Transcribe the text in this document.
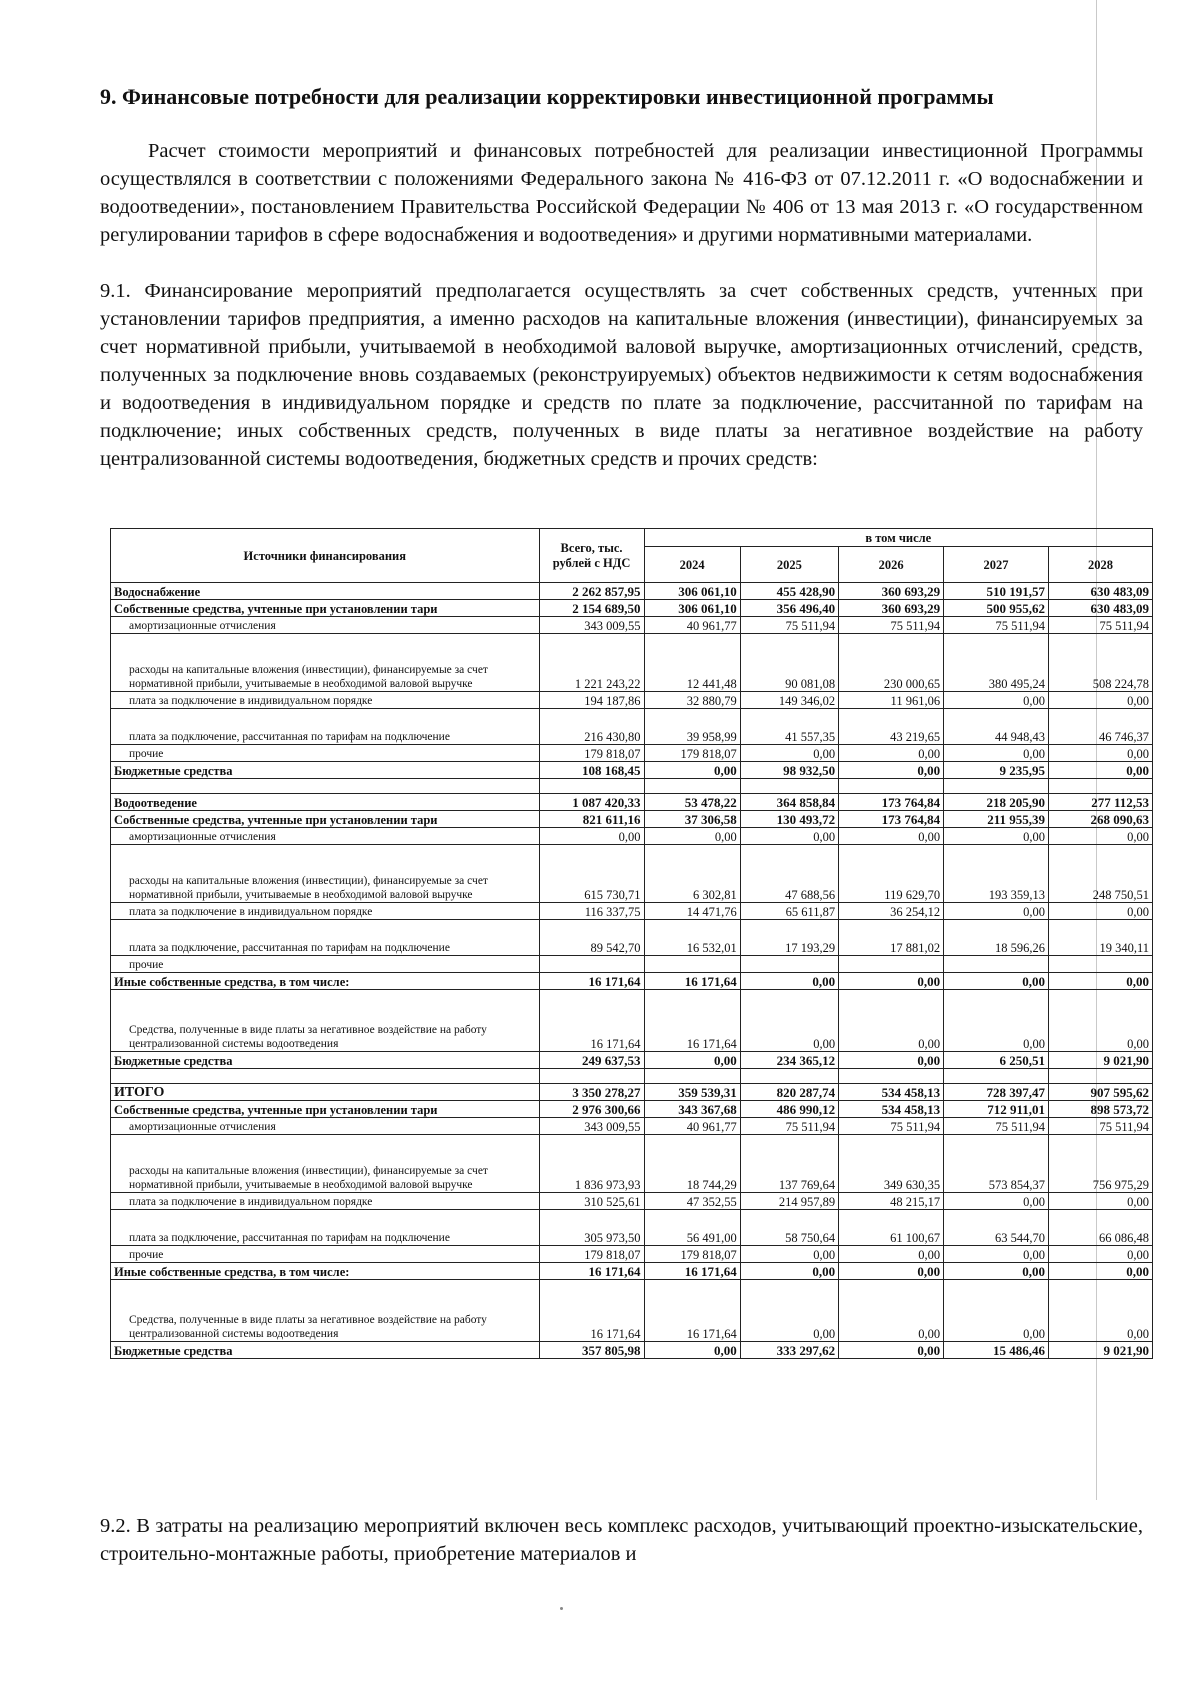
9. Финансовые потребности для реализации корректировки инвестиционной программы

Расчет стоимости мероприятий и финансовых потребностей для реализации инвестиционной Программы осуществлялся в соответствии с положениями Федерального закона № 416-ФЗ от 07.12.2011 г. «О водоснабжении и водоотведении», постановлением Правительства Российской Федерации № 406 от 13 мая 2013 г. «О государственном регулировании тарифов в сфере водоснабжения и водоотведения» и другими нормативными материалами.

9.1. Финансирование мероприятий предполагается осуществлять за счет собственных средств, учтенных при установлении тарифов предприятия, а именно расходов на капитальные вложения (инвестиции), финансируемых за счет нормативной прибыли, учитываемой в необходимой валовой выручке, амортизационных отчислений, средств, полученных за подключение вновь создаваемых (реконструируемых) объектов недвижимости к сетям водоснабжения и водоотведения в индивидуальном порядке и средств по плате за подключение, рассчитанной по тарифам на подключение; иных собственных средств, полученных в виде платы за негативное воздействие на работу централизованной системы водоотведения, бюджетных средств и прочих средств:

Источники финансирования	Всего, тыс. рублей с НДС	в том числе				
		2024	2025	2026	2027	2028
Водоснабжение	2 262 857,95	306 061,10	455 428,90	360 693,29	510 191,57	630 483,09
Собственные средства, учтенные при установлении тари	2 154 689,50	306 061,10	356 496,40	360 693,29	500 955,62	630 483,09
амортизационные отчисления	343 009,55	40 961,77	75 511,94	75 511,94	75 511,94	75 511,94
расходы на капитальные вложения (инвестиции), финансируемые за счет нормативной прибыли, учитываемые в необходимой валовой выручке	1 221 243,22	12 441,48	90 081,08	230 000,65	380 495,24	508 224,78
плата за подключение в индивидуальном порядке	194 187,86	32 880,79	149 346,02	11 961,06	0,00	0,00
плата за подключение, рассчитанная по тарифам на подключение	216 430,80	39 958,99	41 557,35	43 219,65	44 948,43	46 746,37
прочие	179 818,07	179 818,07	0,00	0,00	0,00	0,00
Бюджетные средства	108 168,45	0,00	98 932,50	0,00	9 235,95	0,00

Водоотведение	1 087 420,33	53 478,22	364 858,84	173 764,84	218 205,90	277 112,53
Собственные средства, учтенные при установлении тари	821 611,16	37 306,58	130 493,72	173 764,84	211 955,39	268 090,63
амортизационные отчисления	0,00	0,00	0,00	0,00	0,00	0,00
расходы на капитальные вложения (инвестиции), финансируемые за счет нормативной прибыли, учитываемые в необходимой валовой выручке	615 730,71	6 302,81	47 688,56	119 629,70	193 359,13	248 750,51
плата за подключение в индивидуальном порядке	116 337,75	14 471,76	65 611,87	36 254,12	0,00	0,00
плата за подключение, рассчитанная по тарифам на подключение	89 542,70	16 532,01	17 193,29	17 881,02	18 596,26	19 340,11
прочие						
Иные собственные средства, в том числе:	16 171,64	16 171,64	0,00	0,00	0,00	0,00
Средства, полученные в виде платы за негативное воздействие на работу централизованной системы водоотведения	16 171,64	16 171,64	0,00	0,00	0,00	0,00
Бюджетные средства	249 637,53	0,00	234 365,12	0,00	6 250,51	9 021,90

ИТОГО	3 350 278,27	359 539,31	820 287,74	534 458,13	728 397,47	907 595,62
Собственные средства, учтенные при установлении тари	2 976 300,66	343 367,68	486 990,12	534 458,13	712 911,01	898 573,72
амортизационные отчисления	343 009,55	40 961,77	75 511,94	75 511,94	75 511,94	75 511,94
расходы на капитальные вложения (инвестиции), финансируемые за счет нормативной прибыли, учитываемые в необходимой валовой выручке	1 836 973,93	18 744,29	137 769,64	349 630,35	573 854,37	756 975,29
плата за подключение в индивидуальном порядке	310 525,61	47 352,55	214 957,89	48 215,17	0,00	0,00
плата за подключение, рассчитанная по тарифам на подключение	305 973,50	56 491,00	58 750,64	61 100,67	63 544,70	66 086,48
прочие	179 818,07	179 818,07	0,00	0,00	0,00	0,00
Иные собственные средства, в том числе:	16 171,64	16 171,64	0,00	0,00	0,00	0,00
Средства, полученные в виде платы за негативное воздействие на работу централизованной системы водоотведения	16 171,64	16 171,64	0,00	0,00	0,00	0,00
Бюджетные средства	357 805,98	0,00	333 297,62	0,00	15 486,46	9 021,90

9.2. В затраты на реализацию мероприятий включен весь комплекс расходов, учитывающий проектно-изыскательские, строительно-монтажные работы, приобретение материалов и
